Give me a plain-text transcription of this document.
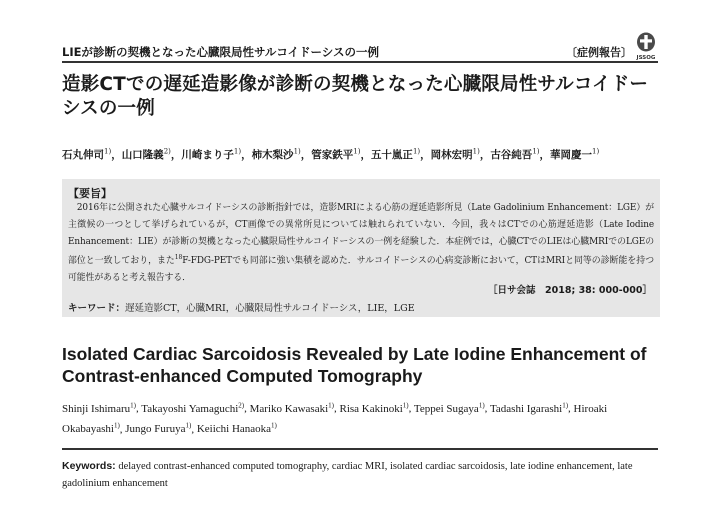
LIEが診断の契機となった心臓限局性サルコイドーシスの一例	〔症例報告〕 JSSOG
造影CTでの遅延造影像が診断の契機となった心臓限局性サルコイドーシスの一例
石丸伸司$^{1)}$，山口隆義$^{2)}$，川崎まり子$^{1)}$，柿木梨沙$^{1)}$，管家鉄平$^{1)}$，五十嵐正$^{1)}$，岡林宏明$^{1)}$，古谷純吾$^{1)}$，華岡慶一$^{1)}$
【要旨】
2016年に公開された心臓サルコイドーシスの診断指針では，造影MRIによる心筋の遅延造影所見（Late Gadolinium Enhancement：LGE）が主徴候の一つとして挙げられているが，CT画像での異常所見については触れられていない．今回，我々はCTでの心筋遅延造影（Late Iodine Enhancement：LIE）が診断の契機となった心臓限局性サルコイドーシスの一例を経験した．本症例では，心臓CTでのLIEは心臓MRIでのLGEの部位と一致しており，また$^{18}$F-FDG-PETでも同部に強い集積を認めた．サルコイドーシスの心病変診断において，CTはMRIと同等の診断能を持つ可能性があると考え報告する．
［日サ会誌　2018; 38: 000-000］
キーワード：遅延造影CT，心臓MRI，心臓限局性サルコイドーシス，LIE，LGE
Isolated Cardiac Sarcoidosis Revealed by Late Iodine Enhancement of Contrast-enhanced Computed Tomography
Shinji Ishimaru$^{1)}$, Takayoshi Yamaguchi$^{2)}$, Mariko Kawasaki$^{1)}$, Risa Kakinoki$^{1)}$, Teppei Sugaya$^{1)}$, Tadashi Igarashi$^{1)}$, Hiroaki Okabayashi$^{1)}$, Jungo Furuya$^{1)}$, Keiichi Hanaoka$^{1)}$
Keywords: delayed contrast-enhanced computed tomography, cardiac MRI, isolated cardiac sarcoidosis, late iodine enhancement, late gadolinium enhancement
